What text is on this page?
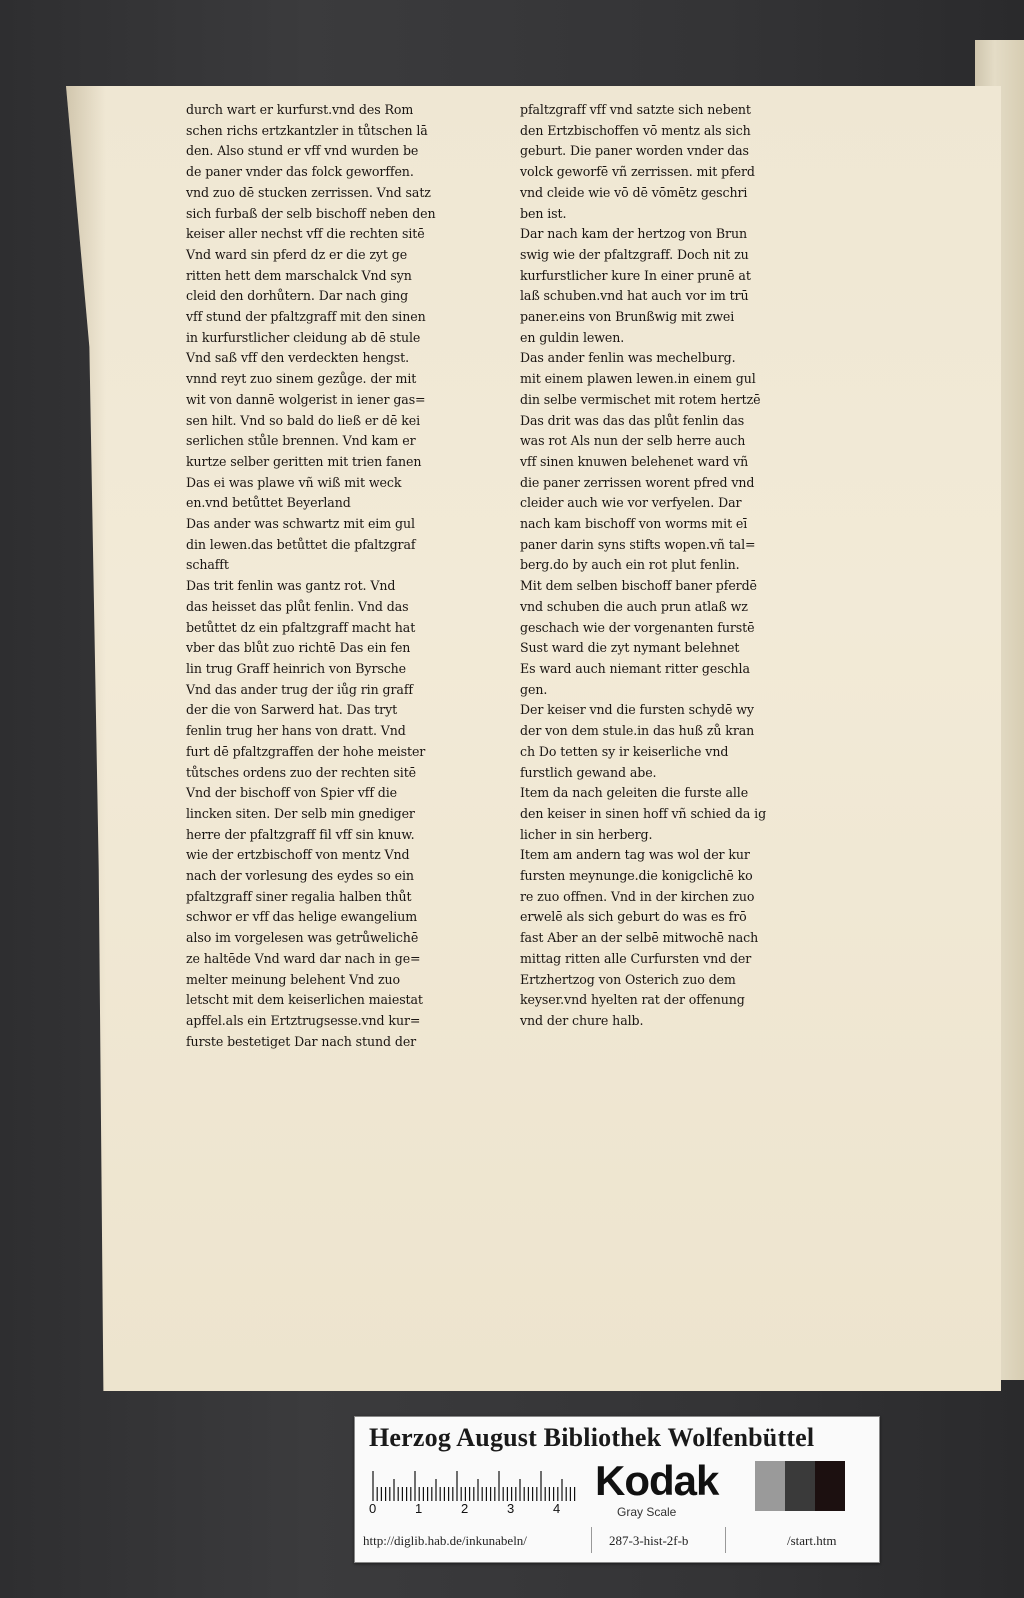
durch wart er kurfurst.vnd des Rom

schen richs ertzkantzler in tůtschen lā

den. Also stund er vff vnd wurden be

de paner vnder das folck geworffen.

vnd zuo dē stucken zerrissen. Vnd satz

sich furbaß der selb bischoff neben den

keiser aller nechst vff die rechten sitē

Vnd ward sin pferd dz er die zyt ge

ritten hett dem marschalck Vnd syn

cleid den dorhůtern. Dar nach ging

vff stund der pfaltzgraff mit den sinen

in kurfurstlicher cleidung ab dē stule

Vnd saß vff den verdeckten hengst.

vnnd reyt zuo sinem gezůge. der mit

wit von dannē wolgerist in iener gas=

sen hilt. Vnd so bald do ließ er dē kei

serlichen stůle brennen. Vnd kam er

kurtze selber geritten mit trien fanen

Das ei was plawe vñ wiß mit weck

en.vnd betůttet Beyerland

Das ander was schwartz mit eim gul

din lewen.das betůttet die pfaltzgraf

schafft

Das trit fenlin was gantz rot. Vnd

das heisset das plůt fenlin. Vnd das

betůttet dz ein pfaltzgraff macht hat

vber das blůt zuo richtē Das ein fen

lin trug Graff heinrich von Byrsche

Vnd das ander trug der iůg rin graff

der die von Sarwerd hat. Das tryt

fenlin trug her hans von dratt. Vnd

furt dē pfaltzgraffen der hohe meister

tůtsches ordens zuo der rechten sitē

Vnd der bischoff von Spier vff die

lincken siten. Der selb min gnediger

herre der pfaltzgraff fil vff sin knuw.

wie der ertzbischoff von mentz Vnd

nach der vorlesung des eydes so ein

pfaltzgraff siner regalia halben thůt

schwor er vff das helige ewangelium

also im vorgelesen was getrůwelichē

ze haltēde Vnd ward dar nach in ge=

melter meinung belehent Vnd zuo

letscht mit dem keiserlichen maiestat

apffel.als ein Ertztrugsesse.vnd kur=

furste bestetiget Dar nach stund der

pfaltzgraff vff vnd satzte sich nebent

den Ertzbischoffen vō mentz als sich

geburt. Die paner worden vnder das

volck geworfē vñ zerrissen. mit pferd

vnd cleide wie vō dē vōmētz geschri

ben ist.

Dar nach kam der hertzog von Brun

swig wie der pfaltzgraff. Doch nit zu

kurfurstlicher kure In einer prunē at

laß schuben.vnd hat auch vor im trū

paner.eins von Brunßwig mit zwei

en guldin lewen.

Das ander fenlin was mechelburg.

mit einem plawen lewen.in einem gul

din selbe vermischet mit rotem hertzē

Das drit was das das plůt fenlin das

was rot Als nun der selb herre auch

vff sinen knuwen belehenet ward vñ

die paner zerrissen worent pfred vnd

cleider auch wie vor verfyelen. Dar

nach kam bischoff von worms mit eī

paner darin syns stifts wopen.vñ tal=

berg.do by auch ein rot plut fenlin.

Mit dem selben bischoff baner pferdē

vnd schuben die auch prun atlaß wz

geschach wie der vorgenanten furstē

Sust ward die zyt nymant belehnet

Es ward auch niemant ritter geschla

gen.

Der keiser vnd die fursten schydē wy

der von dem stule.in das huß zů kran

ch Do tetten sy ir keiserliche vnd

furstlich gewand abe.

Item da nach geleiten die furste alle

den keiser in sinen hoff vñ schied da ig

licher in sin herberg.

Item am andern tag was wol der kur

fursten meynunge.die konigclichē ko

re zuo offnen. Vnd in der kirchen zuo

erwelē als sich geburt do was es frō

fast Aber an der selbē mitwochē nach

mittag ritten alle Curfursten vnd der

Ertzhertzog von Osterich zuo dem

keyser.vnd hyelten rat der offenung

vnd der chure halb.

Herzog August Bibliothek Wolfenbüttel
0	1	2	3	4
Kodak
Gray Scale
http://diglib.hab.de/inkunabeln/	287-3-hist-2f-b	/start.htm
